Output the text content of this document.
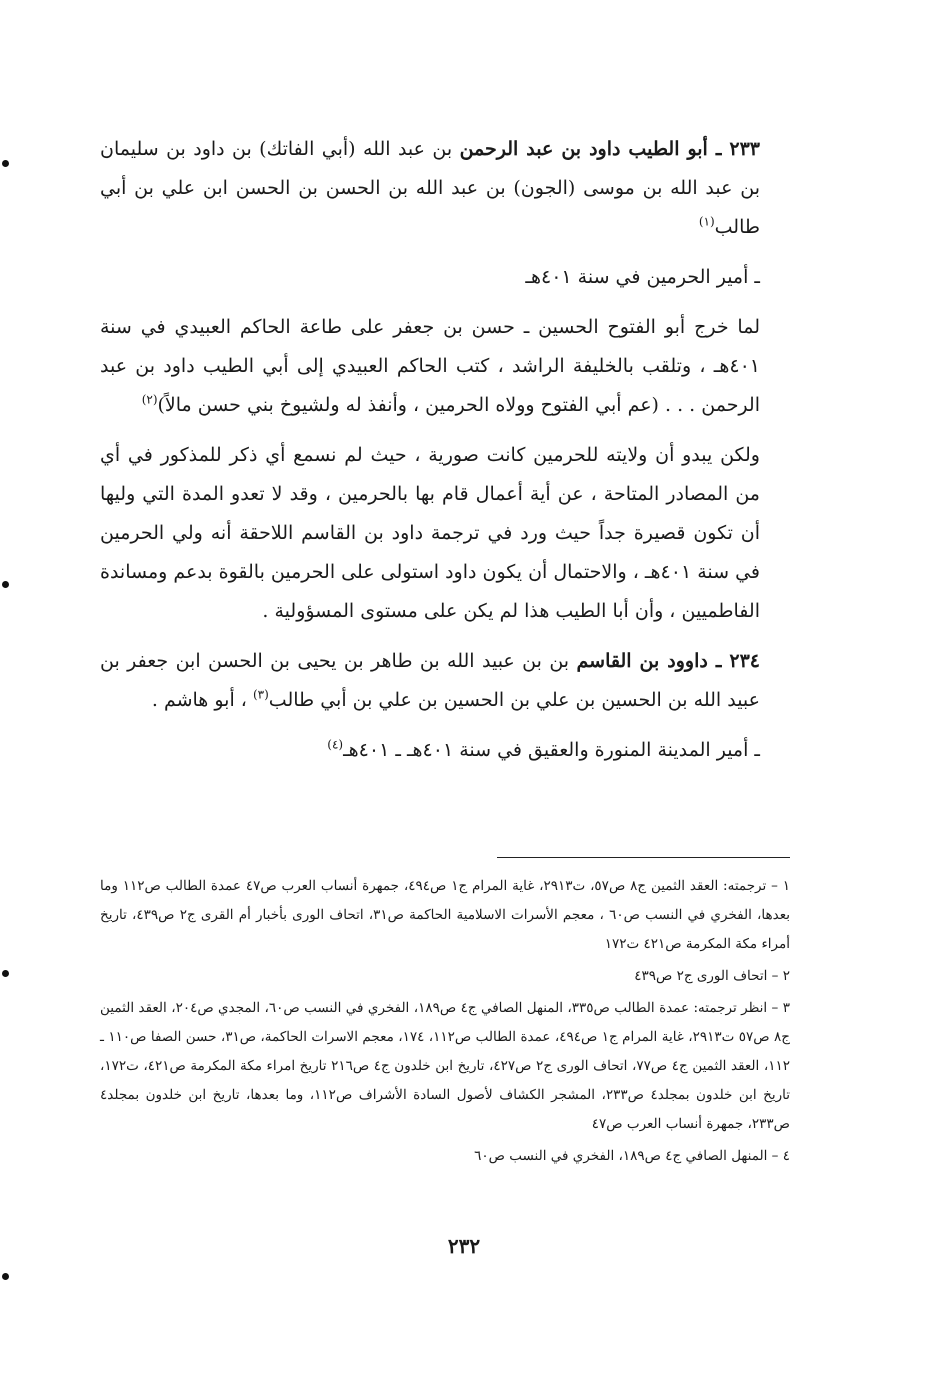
٢٣٣ ـ أبو الطيب داود بن عبد الرحمن بن عبد الله (أبي الفاتك) بن داود بن سليمان بن عبد الله بن موسى (الجون) بن عبد الله بن الحسن بن الحسن ابن علي بن أبي طالب$^{(١)}$

ـ أمير الحرمين في سنة ٤٠١هـ

لما خرج أبو الفتوح الحسين ـ حسن بن جعفر على طاعة الحاكم العبيدي في سنة ٤٠١هـ ، وتلقب بالخليفة الراشد ، كتب الحاكم العبيدي إلى أبي الطيب داود بن عبد الرحمن . . . (عم أبي الفتوح وولاه الحرمين ، وأنفذ له ولشيوخ بني حسن مالاً)$^{(٢)}$

ولكن يبدو أن ولايته للحرمين كانت صورية ، حيث لم نسمع أي ذكر للمذكور في أي من المصادر المتاحة ، عن أية أعمال قام بها بالحرمين ، وقد لا تعدو المدة التي وليها أن تكون قصيرة جداً حيث ورد في ترجمة داود بن القاسم اللاحقة أنه ولي الحرمين في سنة ٤٠١هـ ، والاحتمال أن يكون داود استولى على الحرمين بالقوة بدعم ومساندة الفاطميين ، وأن أبا الطيب هذا لم يكن على مستوى المسؤولية .

٢٣٤ ـ داوود بن القاسم بن بن عبيد الله بن طاهر بن يحيى بن الحسن ابن جعفر بن عبيد الله بن الحسين بن علي بن الحسين بن علي بن أبي طالب$^{(٣)}$ ، أبو هاشم .

ـ أمير المدينة المنورة والعقيق في سنة ٤٠١هـ ـ ٤٠١هـ$^{(٤)}$

١ – ترجمته: العقد الثمين ج٨ ص٥٧، ت٢٩١٣، غاية المرام ج١ ص٤٩٤، جمهرة أنساب العرب ص٤٧ عمدة الطالب ص١١٢ وما بعدها، الفخري في النسب ص٦٠ ، معجم الأسرات الاسلامية الحاكمة ص٣١، اتحاف الورى بأخبار أم القرى ج٢ ص٤٣٩، تاريخ أمراء مكة المكرمة ص٤٢١ ت١٧٢

٢ – اتحاف الورى ج٢ ص٤٣٩

٣ – انظر ترجمته: عمدة الطالب ص٣٣٥، المنهل الصافي ج٤ ص١٨٩، الفخري في النسب ص٦٠، المجدي ص٢٠٤، العقد الثمين ج٨ ص٥٧ ت٢٩١٣، غاية المرام ج١ ص٤٩٤، عمدة الطالب ص١١٢، ١٧٤، معجم الاسرات الحاكمة، ص٣١، حسن الصفا ص١١٠ ـ ١١٢، العقد الثمين ج٤ ص٧٧، اتحاف الورى ج٢ ص٤٢٧، تاريخ ابن خلدون ج٤ ص٢١٦ تاريخ امراء مكة المكرمة ص٤٢١، ت١٧٢، تاريخ ابن خلدون بمجلد٤ ص٢٣٣، المشجر الكشاف لأصول السادة الأشراف ص١١٢، وما بعدها، تاريخ ابن خلدون بمجلد٤ ص٢٣٣، جمهرة أنساب العرب ص٤٧

٤ – المنهل الصافي ج٤ ص١٨٩، الفخري في النسب ص٦٠

٢٣٢
